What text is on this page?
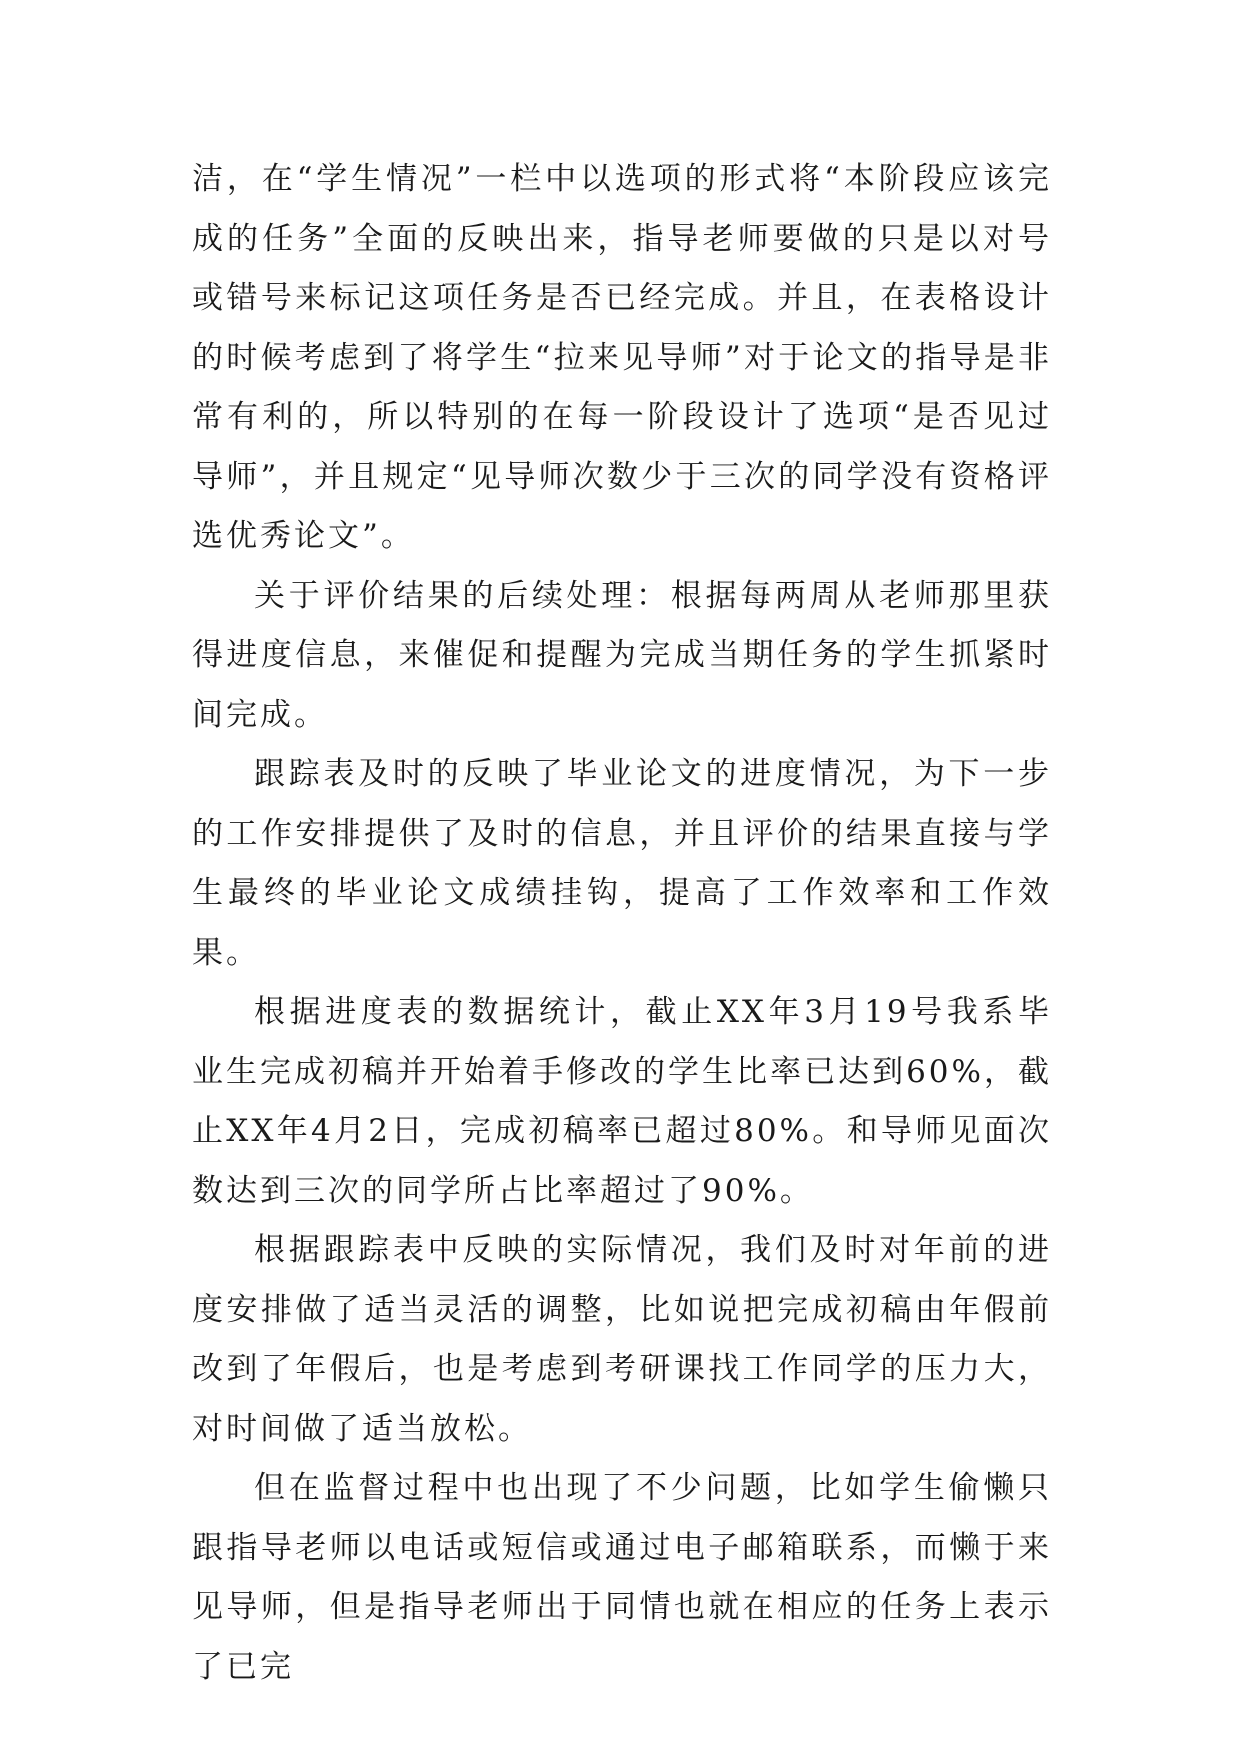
洁，在“学生情况”一栏中以选项的形式将“本阶段应该完成的任务”全面的反映出来，指导老师要做的只是以对号或错号来标记这项任务是否已经完成。并且，在表格设计的时候考虑到了将学生“拉来见导师”对于论文的指导是非常有利的，所以特别的在每一阶段设计了选项“是否见过导师”，并且规定“见导师次数少于三次的同学没有资格评选优秀论文”。

关于评价结果的后续处理：根据每两周从老师那里获得进度信息，来催促和提醒为完成当期任务的学生抓紧时间完成。

跟踪表及时的反映了毕业论文的进度情况，为下一步的工作安排提供了及时的信息，并且评价的结果直接与学生最终的毕业论文成绩挂钩，提高了工作效率和工作效果。

根据进度表的数据统计，截止XX年3月19号我系毕业生完成初稿并开始着手修改的学生比率已达到60%，截止XX年4月2日，完成初稿率已超过80%。和导师见面次数达到三次的同学所占比率超过了90%。

根据跟踪表中反映的实际情况，我们及时对年前的进度安排做了适当灵活的调整，比如说把完成初稿由年假前改到了年假后，也是考虑到考研课找工作同学的压力大，对时间做了适当放松。

但在监督过程中也出现了不少问题，比如学生偷懒只跟指导老师以电话或短信或通过电子邮箱联系，而懒于来见导师，但是指导老师出于同情也就在相应的任务上表示了已完
